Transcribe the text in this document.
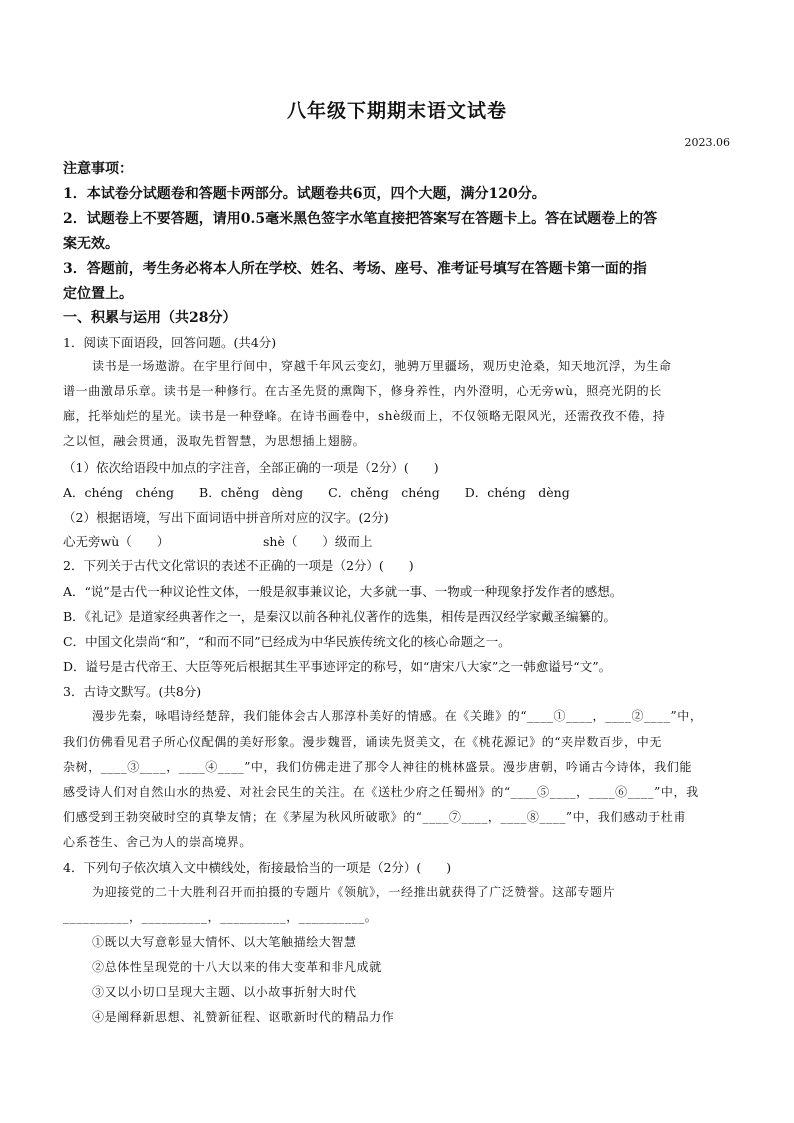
八年级下期期末语文试卷
2023.06
注意事项：
1．本试卷分试题卷和答题卡两部分。试题卷共6页，四个大题，满分120分。
2．试题卷上不要答题，请用0.5毫米黑色签字水笔直接把答案写在答题卡上。答在试题卷上的答
案无效。
3．答题前，考生务必将本人所在学校、姓名、考场、座号、准考证号填写在答题卡第一面的指
定位置上。
一、积累与运用（共28分）
1．阅读下面语段，回答问题。(共4分)
读书是一场遨游。在宇里行间中，穿越千年风云变幻，驰骋万里疆场，观历史沧桑，知天地沉浮，为生命
谱一曲激昂乐章。读书是一种修行。在古圣先贤的熏陶下，修身养性，内外澄明，心无旁wù，照亮光阴的长
廊，托举灿烂的星光。读书是一种登峰。在诗书画卷中，shè级而上，不仅领略无限风光，还需孜孜不倦，持
之以恒，融会贯通，汲取先哲智慧，为思想插上翅膀。
（1）依次给语段中加点的字注音，全部正确的一项是（2分）(　　)
A．chéng　chéng　　B．chěng　dèng　　C．chěng　chéng　　D．chéng　dèng
（2）根据语境，写出下面词语中拼音所对应的汉字。(2分)
心无旁wù（　　）　　　　　　　　shè（　　）级而上
2．下列关于古代文化常识的表述不正确的一项是（2分）(　　)
A．“说”是古代一种议论性文体，一般是叙事兼议论，大多就一事、一物或一种现象抒发作者的感想。
B．《礼记》是道家经典著作之一，是秦汉以前各种礼仪著作的选集，相传是西汉经学家戴圣编纂的。
C．中国文化崇尚“和”，“和而不同”已经成为中华民族传统文化的核心命题之一。
D．谥号是古代帝王、大臣等死后根据其生平事迹评定的称号，如“唐宋八大家”之一韩愈谥号“文”。
3．古诗文默写。(共8分)
漫步先秦，咏唱诗经楚辞，我们能体会古人那淳朴美好的情感。在《关雎》的“____①____，____②____”中，
我们仿佛看见君子所心仪配偶的美好形象。漫步魏晋，诵读先贤美文，在《桃花源记》的“夹岸数百步，中无
杂树，____③____，____④____”中，我们仿佛走进了那令人神往的桃林盛景。漫步唐朝，吟诵古今诗体，我们能
感受诗人们对自然山水的热爱、对社会民生的关注。在《送杜少府之任蜀州》的“____⑤____，____⑥____”中，我
们感受到王勃突破时空的真挚友情；在《茅屋为秋风所破歌》的“____⑦____，____⑧____”中，我们感动于杜甫
心系苍生、舍己为人的崇高境界。
4．下列句子依次填入文中横线处，衔接最恰当的一项是（2分）(　　)
为迎接党的二十大胜利召开而拍摄的专题片《领航》，一经推出就获得了广泛赞誉。这部专题片
__________，__________，__________，__________。
①既以大写意彰显大情怀、以大笔触描绘大智慧
②总体性呈现党的十八大以来的伟大变革和非凡成就
③又以小切口呈现大主题、以小故事折射大时代
④是阐释新思想、礼赞新征程、讴歌新时代的精品力作
